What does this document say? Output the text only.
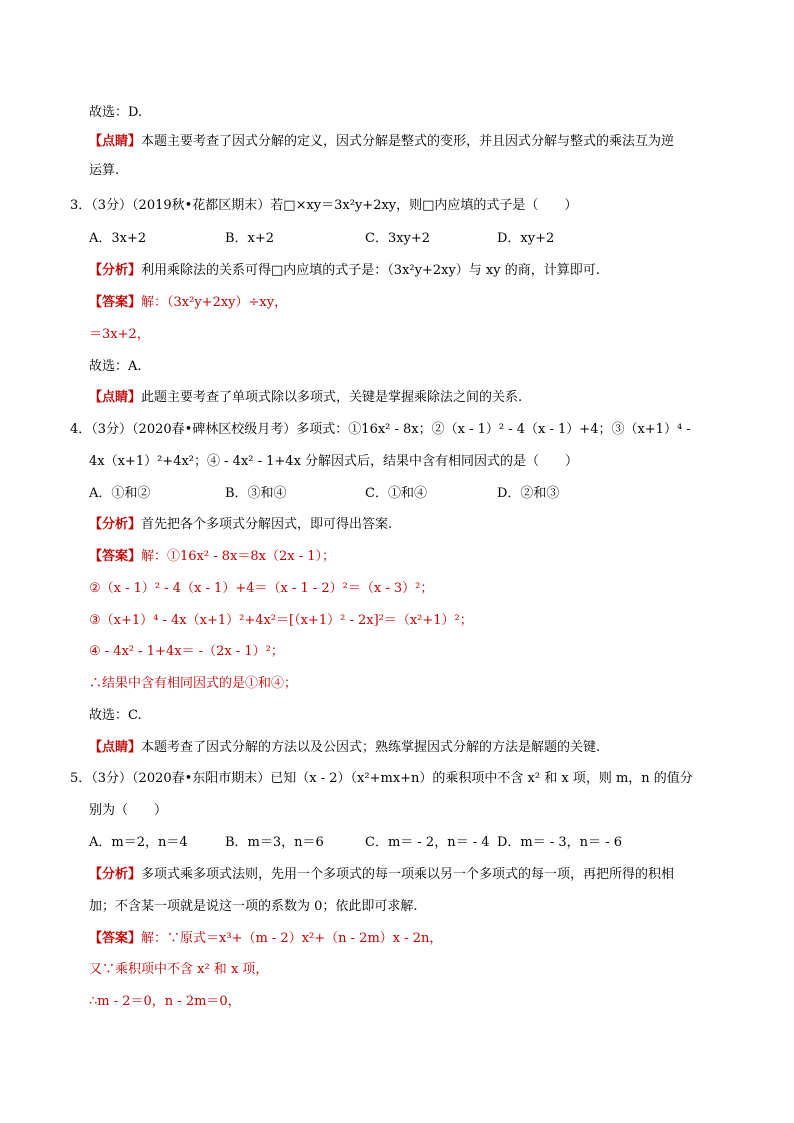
故选：D.
【点睛】本题主要考查了因式分解的定义，因式分解是整式的变形，并且因式分解与整式的乘法互为逆
运算.
3．（3分）（2019秋•花都区期末）若□×xy＝3x²y+2xy，则□内应填的式子是（　　）
A．3x+2	B．x+2	C．3xy+2	D．xy+2
【分析】利用乘除法的关系可得□内应填的式子是：（3x²y+2xy）与 xy 的商，计算即可.
【答案】解：（3x²y+2xy）÷xy，
＝3x+2，
故选：A.
【点睛】此题主要考查了单项式除以多项式，关键是掌握乘除法之间的关系.
4．（3分）（2020春•碑林区校级月考）多项式：①16x² - 8x；②（x - 1）² - 4（x - 1）+4；③（x+1）⁴ -
4x（x+1）²+4x²；④ - 4x² - 1+4x 分解因式后，结果中含有相同因式的是（　　）
A．①和②	B．③和④	C．①和④	D．②和③
【分析】首先把各个多项式分解因式，即可得出答案.
【答案】解：①16x² - 8x＝8x（2x - 1）；
②（x - 1）² - 4（x - 1）+4＝（x - 1 - 2）²＝（x - 3）²；
③（x+1）⁴ - 4x（x+1）²+4x²＝[（x+1）² - 2x]²＝（x²+1）²；
④ - 4x² - 1+4x＝ -（2x - 1）²；
∴结果中含有相同因式的是①和④；
故选：C.
【点睛】本题考查了因式分解的方法以及公因式；熟练掌握因式分解的方法是解题的关键.
5．（3分）（2020春•东阳市期末）已知（x - 2）（x²+mx+n）的乘积项中不含 x² 和 x 项，则 m，n 的值分
别为（　　）
A．m＝2，n＝4	B．m＝3，n＝6	C．m＝ - 2，n＝ - 4 D．m＝ - 3，n＝ - 6
【分析】多项式乘多项式法则，先用一个多项式的每一项乘以另一个多项式的每一项，再把所得的积相
加；不含某一项就是说这一项的系数为 0；依此即可求解.
【答案】解：∵原式＝x³+（m - 2）x²+（n - 2m）x - 2n，
又∵乘积项中不含 x² 和 x 项，
∴m - 2＝0，n - 2m＝0，
